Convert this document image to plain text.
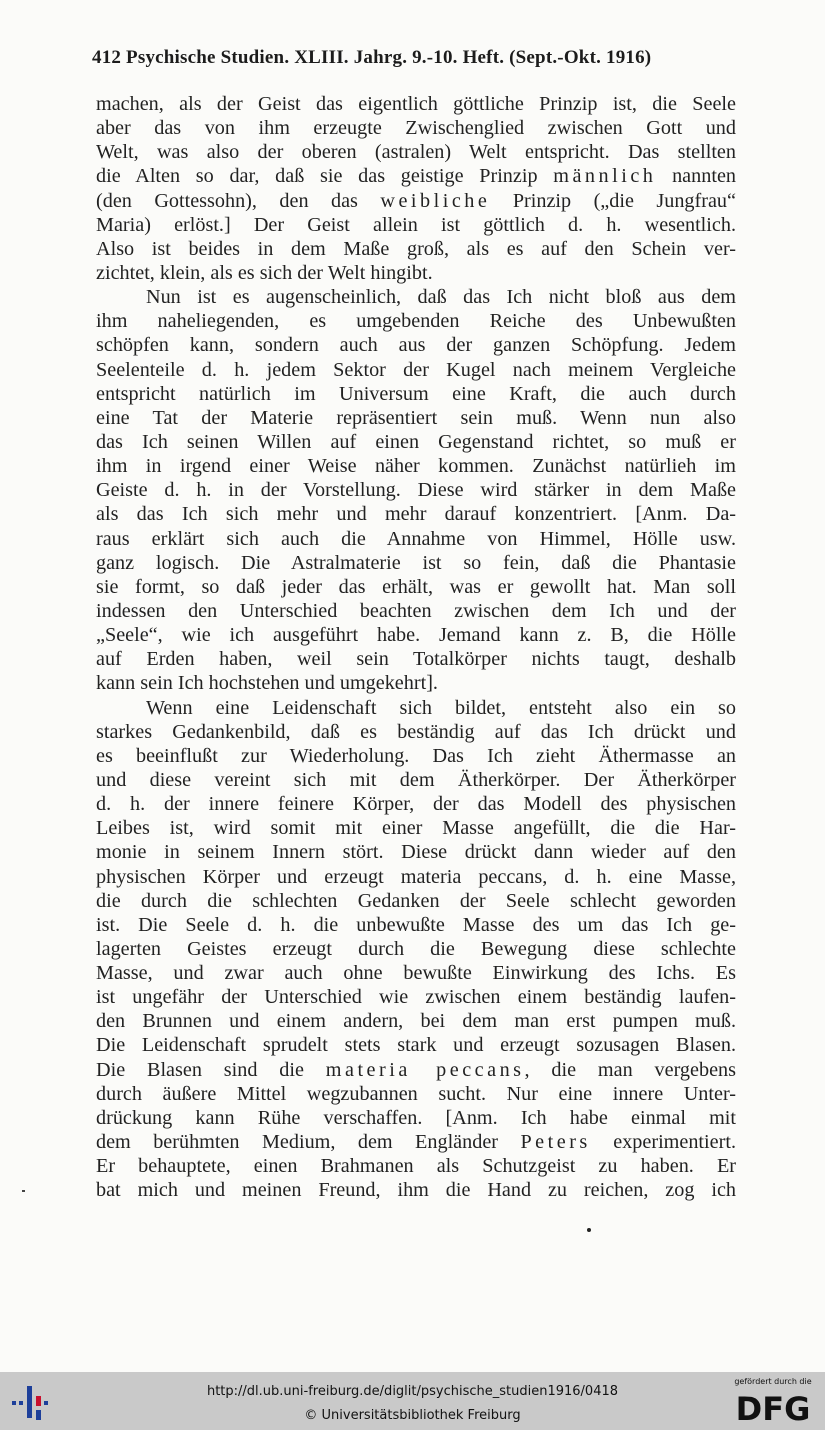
412 Psychische Studien. XLIII. Jahrg. 9.-10. Heft. (Sept.-Okt. 1916)
machen, als der Geist das eigentlich göttliche Prinzip ist, die Seele
aber das von ihm erzeugte Zwischenglied zwischen Gott und
Welt, was also der oberen (astralen) Welt entspricht. Das stellten
die Alten so dar, daß sie das geistige Prinzip männlich nannten
(den Gottessohn), den das weibliche Prinzip („die Jungfrau“
Maria) erlöst.] Der Geist allein ist göttlich d. h. wesentlich.
Also ist beides in dem Maße groß, als es auf den Schein ver-
zichtet, klein, als es sich der Welt hingibt.
Nun ist es augenscheinlich, daß das Ich nicht bloß aus dem
ihm naheliegenden, es umgebenden Reiche des Unbewußten
schöpfen kann, sondern auch aus der ganzen Schöpfung. Jedem
Seelenteile d. h. jedem Sektor der Kugel nach meinem Vergleiche
entspricht natürlich im Universum eine Kraft, die auch durch
eine Tat der Materie repräsentiert sein muß. Wenn nun also
das Ich seinen Willen auf einen Gegenstand richtet, so muß er
ihm in irgend einer Weise näher kommen. Zunächst natürlieh im
Geiste d. h. in der Vorstellung. Diese wird stärker in dem Maße
als das Ich sich mehr und mehr darauf konzentriert. [Anm. Da-
raus erklärt sich auch die Annahme von Himmel, Hölle usw.
ganz logisch. Die Astralmaterie ist so fein, daß die Phantasie
sie formt, so daß jeder das erhält, was er gewollt hat. Man soll
indessen den Unterschied beachten zwischen dem Ich und der
„Seele“, wie ich ausgeführt habe. Jemand kann z. B, die Hölle
auf Erden haben, weil sein Totalkörper nichts taugt, deshalb
kann sein Ich hochstehen und umgekehrt].
Wenn eine Leidenschaft sich bildet, entsteht also ein so
starkes Gedankenbild, daß es beständig auf das Ich drückt und
es beeinflußt zur Wiederholung. Das Ich zieht Äthermasse an
und diese vereint sich mit dem Ätherkörper. Der Ätherkörper
d. h. der innere feinere Körper, der das Modell des physischen
Leibes ist, wird somit mit einer Masse angefüllt, die die Har-
monie in seinem Innern stört. Diese drückt dann wieder auf den
physischen Körper und erzeugt materia peccans, d. h. eine Masse,
die durch die schlechten Gedanken der Seele schlecht geworden
ist. Die Seele d. h. die unbewußte Masse des um das Ich ge-
lagerten Geistes erzeugt durch die Bewegung diese schlechte
Masse, und zwar auch ohne bewußte Einwirkung des Ichs. Es
ist ungefähr der Unterschied wie zwischen einem beständig laufen-
den Brunnen und einem andern, bei dem man erst pumpen muß.
Die Leidenschaft sprudelt stets stark und erzeugt sozusagen Blasen.
Die Blasen sind die materia peccans, die man vergebens
durch äußere Mittel wegzubannen sucht. Nur eine innere Unter-
drückung kann Rühe verschaffen. [Anm. Ich habe einmal mit
dem berühmten Medium, dem Engländer Peters experimentiert.
Er behauptete, einen Brahmanen als Schutzgeist zu haben. Er
bat mich und meinen Freund, ihm die Hand zu reichen, zog ich
http://dl.ub.uni-freiburg.de/diglit/psychische_studien1916/0418
© Universitätsbibliothek Freiburg
gefördert durch die
DFG
